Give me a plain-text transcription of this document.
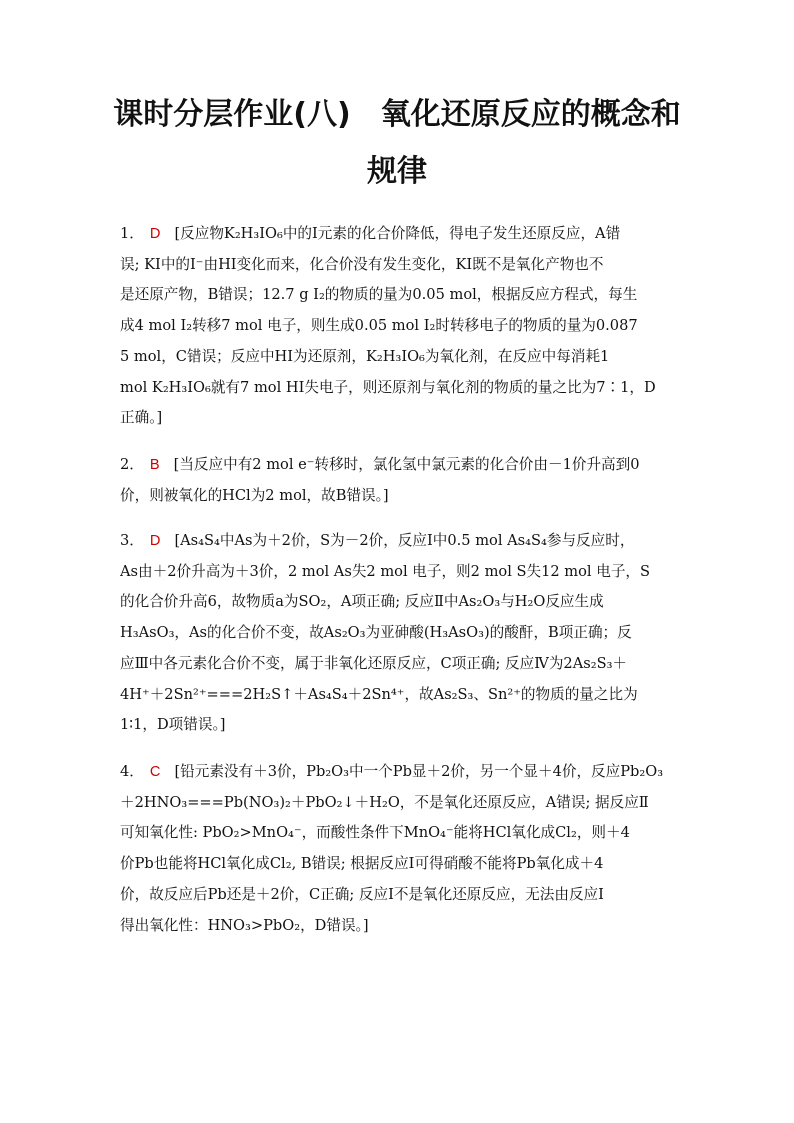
课时分层作业(八)　氧化还原反应的概念和
规律
1． D [反应物K₂H₃IO₆中的I元素的化合价降低，得电子发生还原反应，A错
误; KI中的I⁻由HI变化而来，化合价没有发生变化，KI既不是氧化产物也不
是还原产物，B错误；12.7 g I₂的物质的量为0.05 mol，根据反应方程式，每生
成4 mol I₂转移7 mol 电子，则生成0.05 mol I₂时转移电子的物质的量为0.087
5 mol，C错误；反应中HI为还原剂，K₂H₃IO₆为氧化剂，在反应中每消耗1
mol K₂H₃IO₆就有7 mol HI失电子，则还原剂与氧化剂的物质的量之比为7∶1，D
正确。]
2． B [当反应中有2 mol e⁻转移时，氯化氢中氯元素的化合价由－1价升高到0
价，则被氧化的HCl为2 mol，故B错误。]
3． D [As₄S₄中As为＋2价，S为－2价，反应Ⅰ中0.5 mol As₄S₄参与反应时，
As由＋2价升高为＋3价，2 mol As失2 mol 电子，则2 mol S失12 mol 电子，S
的化合价升高6，故物质a为SO₂，A项正确; 反应Ⅱ中As₂O₃与H₂O反应生成
H₃AsO₃，As的化合价不变，故As₂O₃为亚砷酸(H₃AsO₃)的酸酐，B项正确；反
应Ⅲ中各元素化合价不变，属于非氧化还原反应，C项正确; 反应Ⅳ为2As₂S₃＋
4H⁺＋2Sn²⁺===2H₂S↑＋As₄S₄＋2Sn⁴⁺，故As₂S₃、Sn²⁺的物质的量之比为
1∶1，D项错误。]
4． C [铅元素没有＋3价，Pb₂O₃中一个Pb显＋2价，另一个显＋4价，反应Pb₂O₃
＋2HNO₃===Pb(NO₃)₂＋PbO₂↓＋H₂O，不是氧化还原反应，A错误; 据反应Ⅱ
可知氧化性: PbO₂>MnO₄⁻，而酸性条件下MnO₄⁻能将HCl氧化成Cl₂，则＋4
价Pb也能将HCl氧化成Cl₂, B错误; 根据反应Ⅰ可得硝酸不能将Pb氧化成＋4
价，故反应后Pb还是＋2价，C正确; 反应Ⅰ不是氧化还原反应，无法由反应Ⅰ
得出氧化性：HNO₃>PbO₂，D错误。]
